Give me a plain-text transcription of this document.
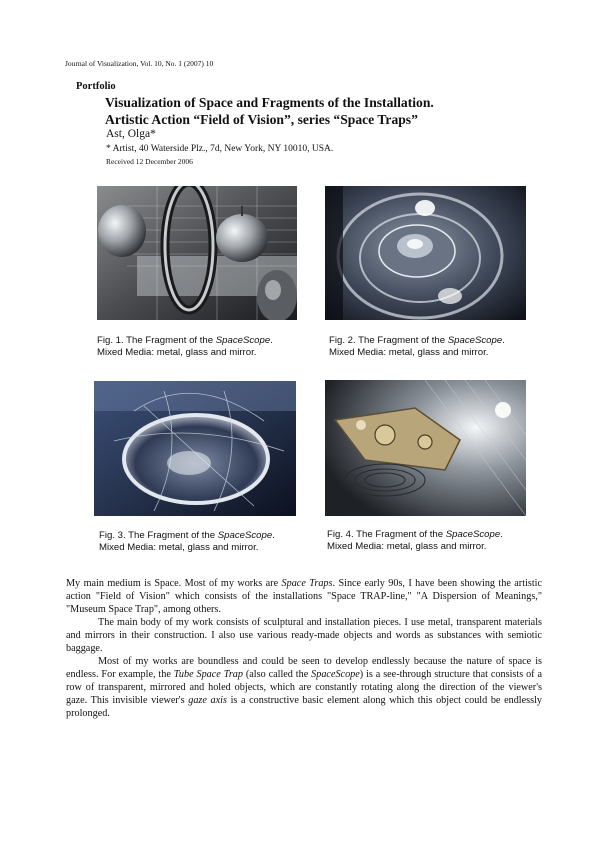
Journal of Visualization, Vol. 10, No. 1 (2007) 10
Portfolio
Visualization of Space and Fragments of the Installation.
Artistic Action “Field of Vision”, series “Space Traps”
Ast, Olga*
* Artist, 40 Waterside Plz., 7d, New York, NY 10010, USA.
Received 12 December 2006
Fig. 1. The Fragment of the SpaceScope.
Mixed Media: metal, glass and mirror.
Fig. 2. The Fragment of the SpaceScope.
Mixed Media: metal, glass and mirror.
Fig. 3. The Fragment of the SpaceScope.
Mixed Media: metal, glass and mirror.
Fig. 4. The Fragment of the SpaceScope.
Mixed Media: metal, glass and mirror.

My main medium is Space. Most of my works are Space Traps. Since early 90s, I have been showing the artistic action "Field of Vision" which consists of the installations "Space TRAP-line," "A Dispersion of Meanings," "Museum Space Trap", among others.

The main body of my work consists of sculptural and installation pieces. I use metal, transparent materials and mirrors in their construction. I also use various ready-made objects and words as substances with semiotic baggage.

Most of my works are boundless and could be seen to develop endlessly because the nature of space is endless. For example, the Tube Space Trap (also called the SpaceScope) is a see-through structure that consists of a row of transparent, mirrored and holed objects, which are constantly rotating along the direction of the viewer's gaze. This invisible viewer's gaze axis is a constructive basic element along which this object could be endlessly prolonged.
